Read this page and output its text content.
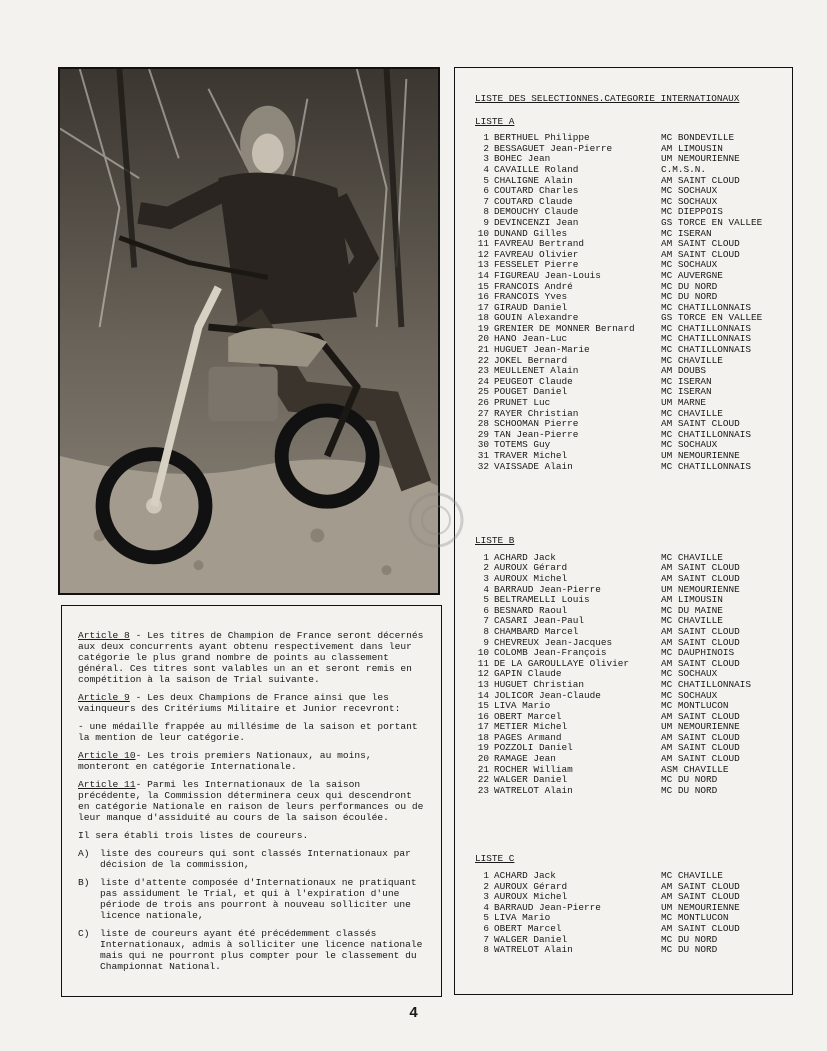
Article 8 - Les titres de Champion de France seront décernés aux deux concurrents ayant obtenu respectivement dans leur catégorie le plus grand nombre de points au classement général. Ces titres sont valables un an et seront remis en compétition à la saison de Trial suivante.

Article 9 - Les deux Champions de France ainsi que les vainqueurs des Critériums Militaire et Junior recevront:

- une médaille frappée au millésime de la saison et portant la mention de leur catégorie.

Article 10- Les trois premiers Nationaux, au moins, monteront en catégorie Internationale.

Article 11- Parmi les Internationaux de la saison précédente, la Commission déterminera ceux qui descendront en catégorie Nationale en raison de leurs performances ou de leur manque d'assiduité au cours de la saison écoulée.

Il sera établi trois listes de coureurs.

A)	liste des coureurs qui sont classés Internationaux par décision de la commission,
B)	liste d'attente composée d'Internationaux ne pratiquant pas assidument le Trial, et qui à l'expiration d'une période de trois ans pourront à nouveau solliciter une licence nationale,
C)	liste de coureurs ayant été précédemment classés Internationaux, admis à solliciter une licence nationale mais qui ne pourront plus compter pour le classement du Championnat National.
LISTE DES SELECTIONNES.CATEGORIE INTERNATIONAUX
LISTE A
1 BERTHUEL Philippe	MC BONDEVILLE
2 BESSAGUET Jean-Pierre	AM LIMOUSIN
3 BOHEC Jean	UM NEMOURIENNE
4 CAVAILLE Roland	C.M.S.N.
5 CHALIGNE Alain	AM SAINT CLOUD
6 COUTARD Charles	MC SOCHAUX
7 COUTARD Claude	MC SOCHAUX
8 DEMOUCHY Claude	MC DIEPPOIS
9 DEVINCENZI Jean	GS TORCE EN VALLEE
10 DUNAND Gilles	MC ISERAN
11 FAVREAU Bertrand	AM SAINT CLOUD
12 FAVREAU Olivier	AM SAINT CLOUD
13 FESSELET Pierre	MC SOCHAUX
14 FIGUREAU Jean-Louis	MC AUVERGNE
15 FRANCOIS André	MC DU NORD
16 FRANCOIS Yves	MC DU NORD
17 GIRAUD Daniel	MC CHATILLONNAIS
18 GOUIN Alexandre	GS TORCE EN VALLEE
19 GRENIER DE MONNER Bernard	MC CHATILLONNAIS
20 HANO Jean-Luc	MC CHATILLONNAIS
21 HUGUET Jean-Marie	MC CHATILLONNAIS
22 JOKEL Bernard	MC CHAVILLE
23 MEULLENET Alain	AM DOUBS
24 PEUGEOT Claude	MC ISERAN
25 POUGET Daniel	MC ISERAN
26 PRUNET Luc	UM MARNE
27 RAYER Christian	MC CHAVILLE
28 SCHOOMAN Pierre	AM SAINT CLOUD
29 TAN Jean-Pierre	MC CHATILLONNAIS
30 TOTEMS Guy	MC SOCHAUX
31 TRAVER Michel	UM NEMOURIENNE
32 VAISSADE Alain	MC CHATILLONNAIS
LISTE B
1 ACHARD Jack	MC CHAVILLE
2 AUROUX Gérard	AM SAINT CLOUD
3 AUROUX Michel	AM SAINT CLOUD
4 BARRAUD Jean-Pierre	UM NEMOURIENNE
5 BELTRAMELLI Louis	AM LIMOUSIN
6 BESNARD Raoul	MC DU MAINE
7 CASARI Jean-Paul	MC CHAVILLE
8 CHAMBARD Marcel	AM SAINT CLOUD
9 CHEVREUX Jean-Jacques	AM SAINT CLOUD
10 COLOMB Jean-François	MC DAUPHINOIS
11 DE LA GAROULLAYE Olivier	AM SAINT CLOUD
12 GAPIN Claude	MC SOCHAUX
13 HUGUET Christian	MC CHATILLONNAIS
14 JOLICOR Jean-Claude	MC SOCHAUX
15 LIVA Mario	MC MONTLUCON
16 OBERT Marcel	AM SAINT CLOUD
17 METIER Michel	UM NEMOURIENNE
18 PAGES Armand	AM SAINT CLOUD
19 POZZOLI Daniel	AM SAINT CLOUD
20 RAMAGE Jean	AM SAINT CLOUD
21 ROCHER William	ASM CHAVILLE
22 WALGER Daniel	MC DU NORD
23 WATRELOT Alain	MC DU NORD
LISTE C
1 ACHARD Jack	MC CHAVILLE
2 AUROUX Gérard	AM SAINT CLOUD
3 AUROUX Michel	AM SAINT CLOUD
4 BARRAUD Jean-Pierre	UM NEMOURIENNE
5 LIVA Mario	MC MONTLUCON
6 OBERT Marcel	AM SAINT CLOUD
7 WALGER Daniel	MC DU NORD
8 WATRELOT Alain	MC DU NORD
4
